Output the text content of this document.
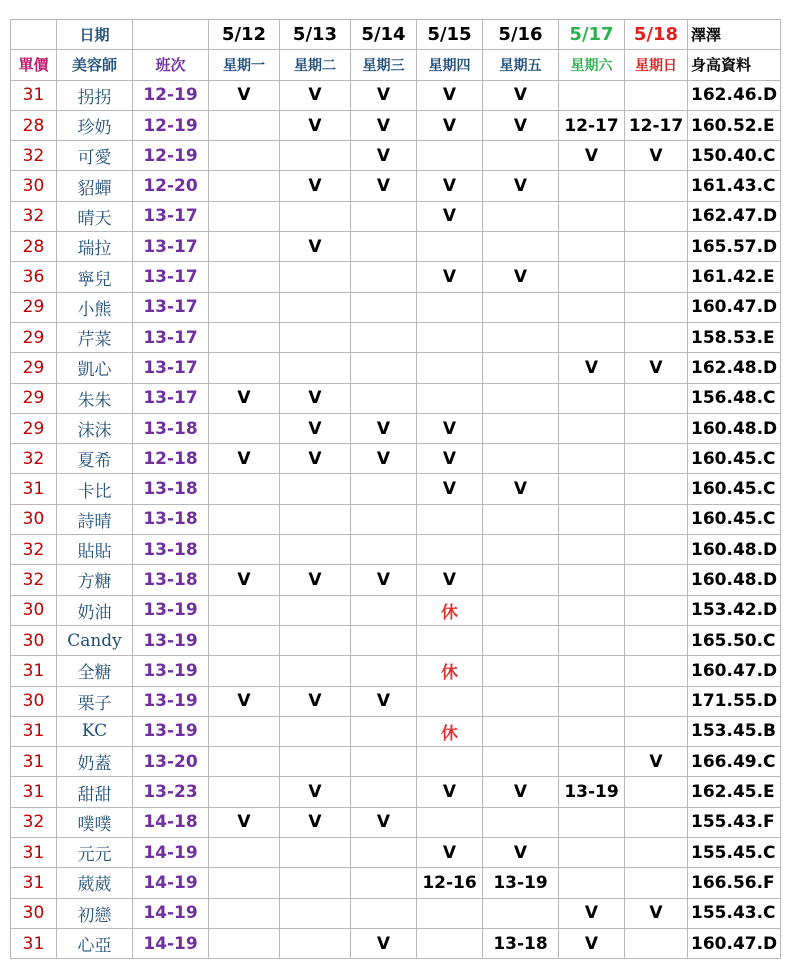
	日期		5/12	5/13	5/14	5/15	5/16	5/17	5/18	澤澤
單價	美容師	班次	星期一	星期二	星期三	星期四	星期五	星期六	星期日	身高資料
31	拐拐	12-19	V	V	V	V	V			162.46.D
28	珍奶	12-19		V	V	V	V	12-17	12-17	160.52.E
32	可愛	12-19			V			V	V	150.40.C
30	貂蟬	12-20		V	V	V	V			161.43.C
32	晴天	13-17				V				162.47.D
28	瑞拉	13-17		V						165.57.D
36	寧兒	13-17				V	V			161.42.E
29	小熊	13-17								160.47.D
29	芹菜	13-17								158.53.E
29	凱心	13-17						V	V	162.48.D
29	朱朱	13-17	V	V						156.48.C
29	沫沫	13-18		V	V	V				160.48.D
32	夏希	12-18	V	V	V	V				160.45.C
31	卡比	13-18				V	V			160.45.C
30	詩晴	13-18								160.45.C
32	貼貼	13-18								160.48.D
32	方糖	13-18	V	V	V	V				160.48.D
30	奶油	13-19				休				153.42.D
30	Candy	13-19								165.50.C
31	全糖	13-19				休				160.47.D
30	栗子	13-19	V	V	V					171.55.D
31	KC	13-19				休				153.45.B
31	奶蓋	13-20							V	166.49.C
31	甜甜	13-23		V		V	V	13-19		162.45.E
32	噗噗	14-18	V	V	V					155.43.F
31	元元	14-19				V	V			155.45.C
31	葳葳	14-19				12-16	13-19			166.56.F
30	初戀	14-19						V	V	155.43.C
31	心亞	14-19			V		13-18	V		160.47.D
